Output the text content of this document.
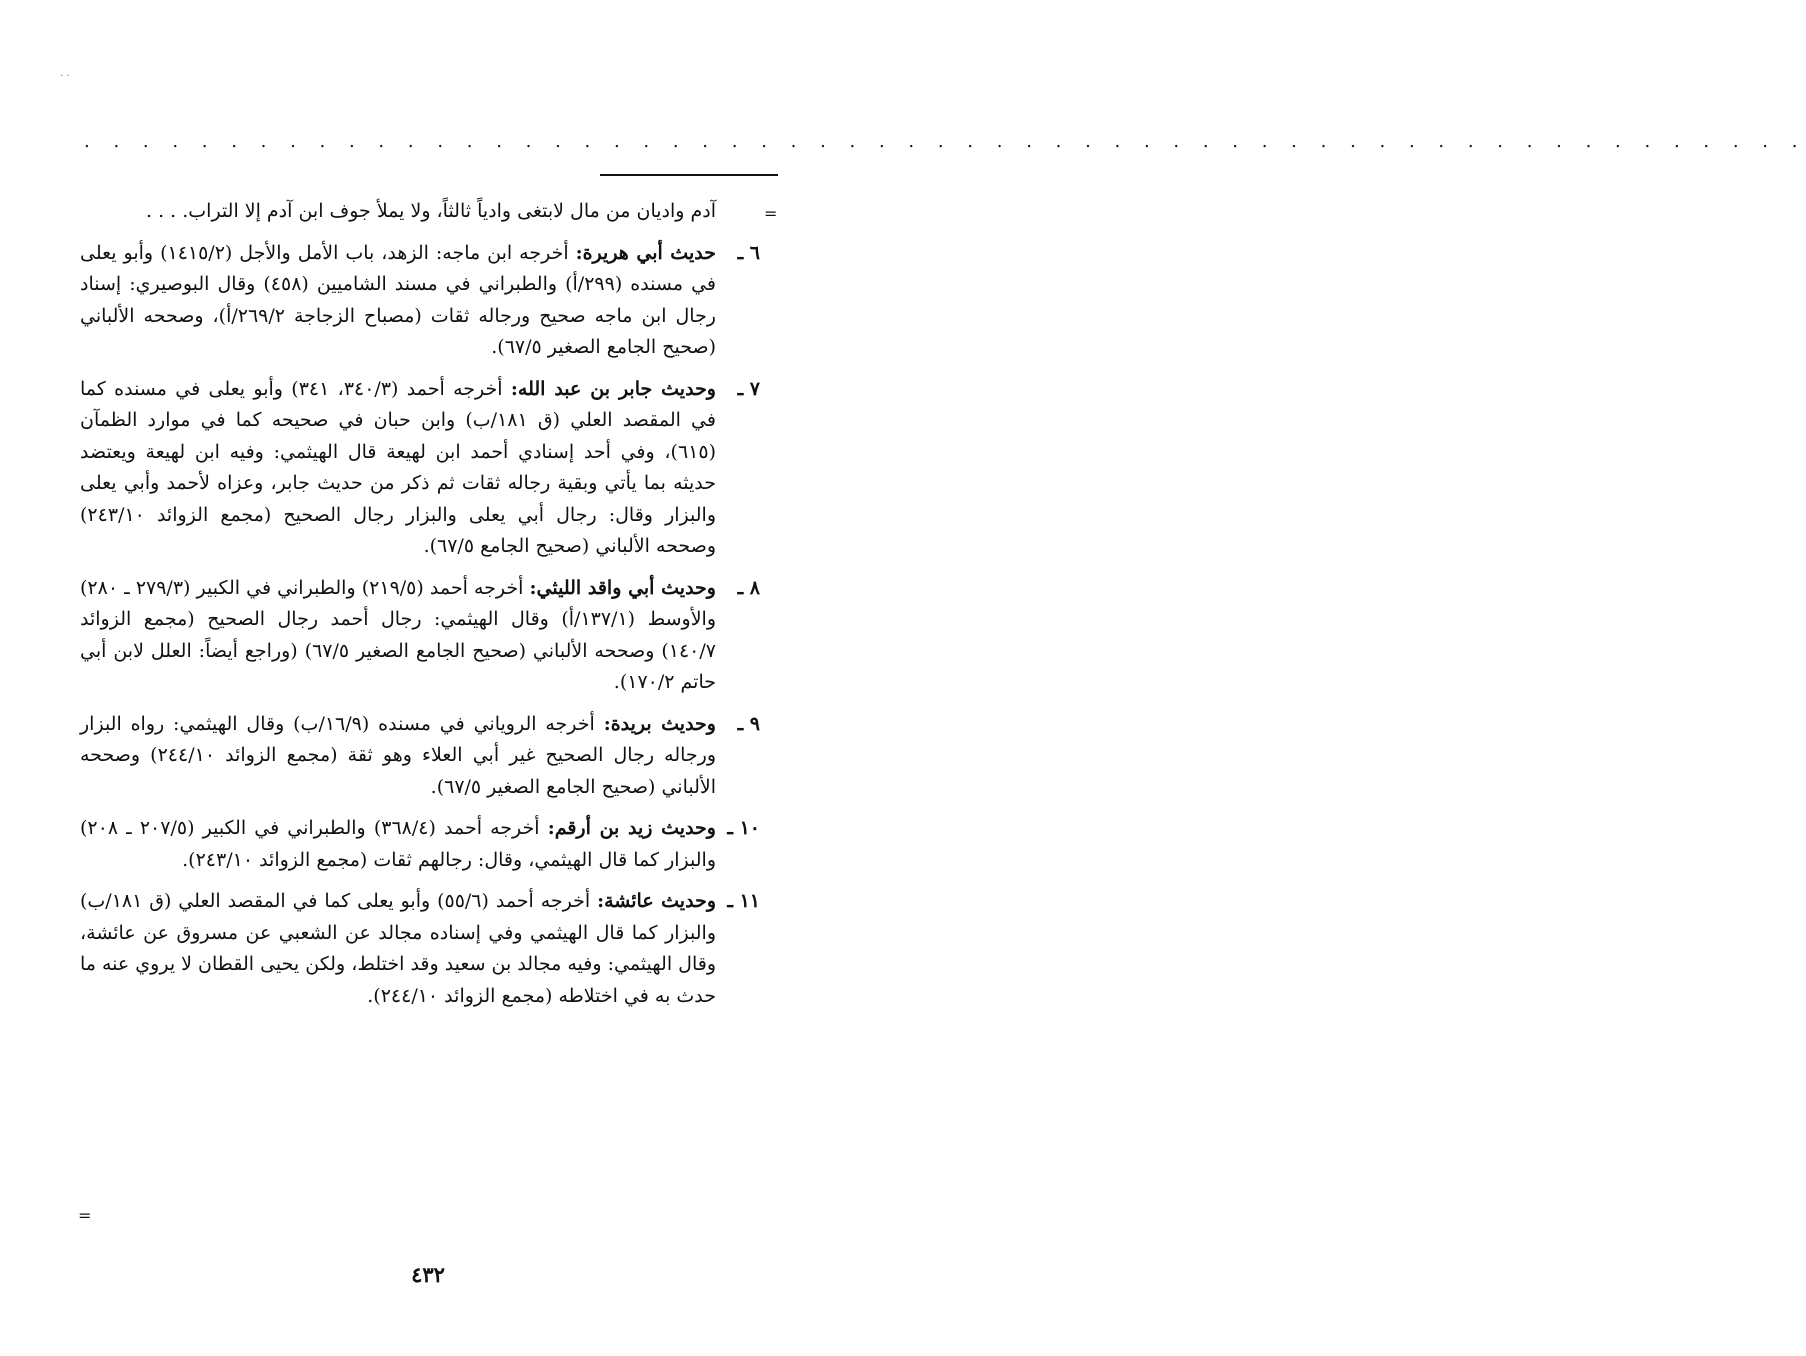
. .
. . . . . . . . . . . . . . . . . . . . . . . . . . . . . . . . . . . . . . . . . . . . . . . . . . . . . . . . . . .
=
=
آدم واديان من مال لابتغى وادياً ثالثاً، ولا يملأ جوف ابن آدم إلا التراب. . . .
٦ ـ
حديث أبي هريرة: أخرجه ابن ماجه: الزهد، باب الأمل والأجل (١٤١٥/٢) وأبو يعلى في مسنده (٢٩٩/أ) والطبراني في مسند الشاميين (٤٥٨) وقال البوصيري: إسناد رجال ابن ماجه صحيح ورجاله ثقات (مصباح الزجاجة ٢٦٩/٢/أ)، وصححه الألباني (صحيح الجامع الصغير ٦٧/٥).
٧ ـ
وحديث جابر بن عبد الله: أخرجه أحمد (٣٤٠/٣، ٣٤١) وأبو يعلى في مسنده كما في المقصد العلي (ق ١٨١/ب) وابن حبان في صحيحه كما في موارد الظمآن (٦١٥)، وفي أحد إسنادي أحمد ابن لهيعة قال الهيثمي: وفيه ابن لهيعة ويعتضد حديثه بما يأتي وبقية رجاله ثقات ثم ذكر من حديث جابر، وعزاه لأحمد وأبي يعلى والبزار وقال: رجال أبي يعلى والبزار رجال الصحيح (مجمع الزوائد ٢٤٣/١٠) وصححه الألباني (صحيح الجامع ٦٧/٥).
٨ ـ
وحديث أبي واقد الليثي: أخرجه أحمد (٢١٩/٥) والطبراني في الكبير (٢٧٩/٣ ـ ٢٨٠) والأوسط (١٣٧/١/أ) وقال الهيثمي: رجال أحمد رجال الصحيح (مجمع الزوائد ١٤٠/٧) وصححه الألباني (صحيح الجامع الصغير ٦٧/٥) (وراجع أيضاً: العلل لابن أبي حاتم ١٧٠/٢).
٩ ـ
وحديث بريدة: أخرجه الروياني في مسنده (١٦/٩/ب) وقال الهيثمي: رواه البزار ورجاله رجال الصحيح غير أبي العلاء وهو ثقة (مجمع الزوائد ٢٤٤/١٠) وصححه الألباني (صحيح الجامع الصغير ٦٧/٥).
١٠ ـ
وحديث زيد بن أرقم: أخرجه أحمد (٣٦٨/٤) والطبراني في الكبير (٢٠٧/٥ ـ ٢٠٨) والبزار كما قال الهيثمي، وقال: رجالهم ثقات (مجمع الزوائد ٢٤٣/١٠).
١١ ـ
وحديث عائشة: أخرجه أحمد (٥٥/٦) وأبو يعلى كما في المقصد العلي (ق ١٨١/ب) والبزار كما قال الهيثمي وفي إسناده مجالد عن الشعبي عن مسروق عن عائشة، وقال الهيثمي: وفيه مجالد بن سعيد وقد اختلط، ولكن يحيى القطان لا يروي عنه ما حدث به في اختلاطه (مجمع الزوائد ٢٤٤/١٠).
٤٣٢
